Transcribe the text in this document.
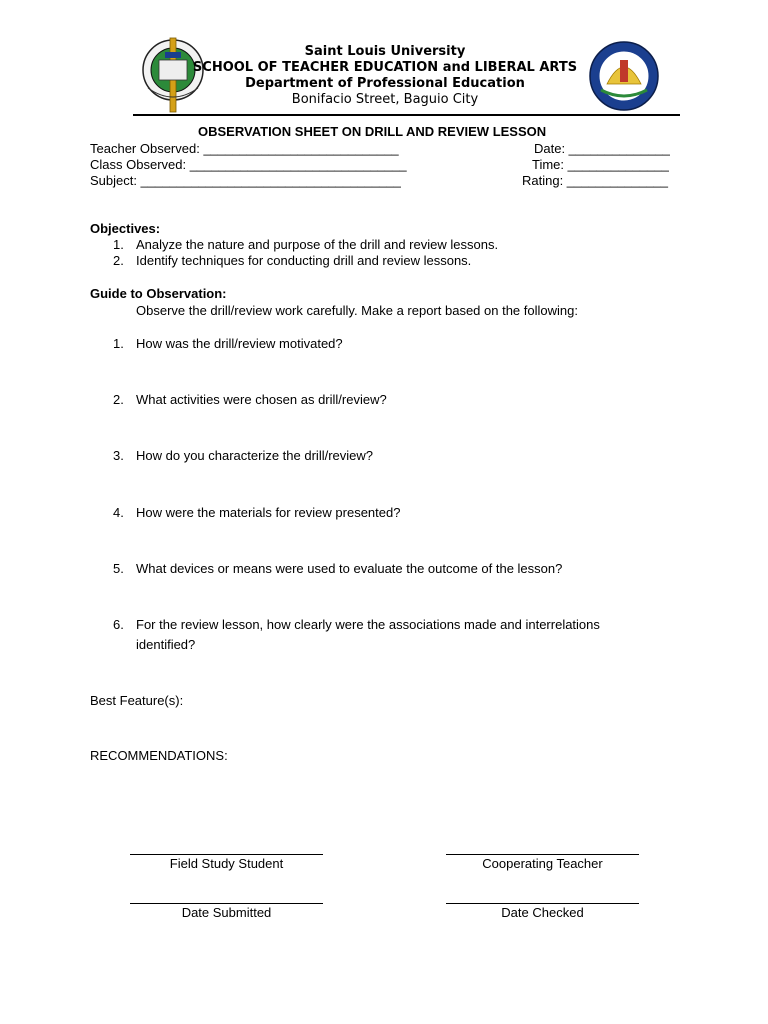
Saint Louis University
SCHOOL OF TEACHER EDUCATION and LIBERAL ARTS
Department of Professional Education
Bonifacio Street, Baguio City
OBSERVATION SHEET ON DRILL AND REVIEW LESSON
Teacher Observed: ___________________________
Class Observed: ______________________________
Subject: ____________________________________
Date: ______________
Time: ______________
Rating: ______________
Objectives:
1. Analyze the nature and purpose of the drill and review lessons.
2. Identify techniques for conducting drill and review lessons.
Guide to Observation:
Observe the drill/review work carefully. Make a report based on the following:
1. How was the drill/review motivated?
2. What activities were chosen as drill/review?
3. How do you characterize the drill/review?
4. How were the materials for review presented?
5. What devices or means were used to evaluate the outcome of the lesson?
6. For the review lesson, how clearly were the associations made and interrelations
identified?
Best Feature(s):
RECOMMENDATIONS:
Field Study Student	Cooperating Teacher
Date Submitted	Date Checked
